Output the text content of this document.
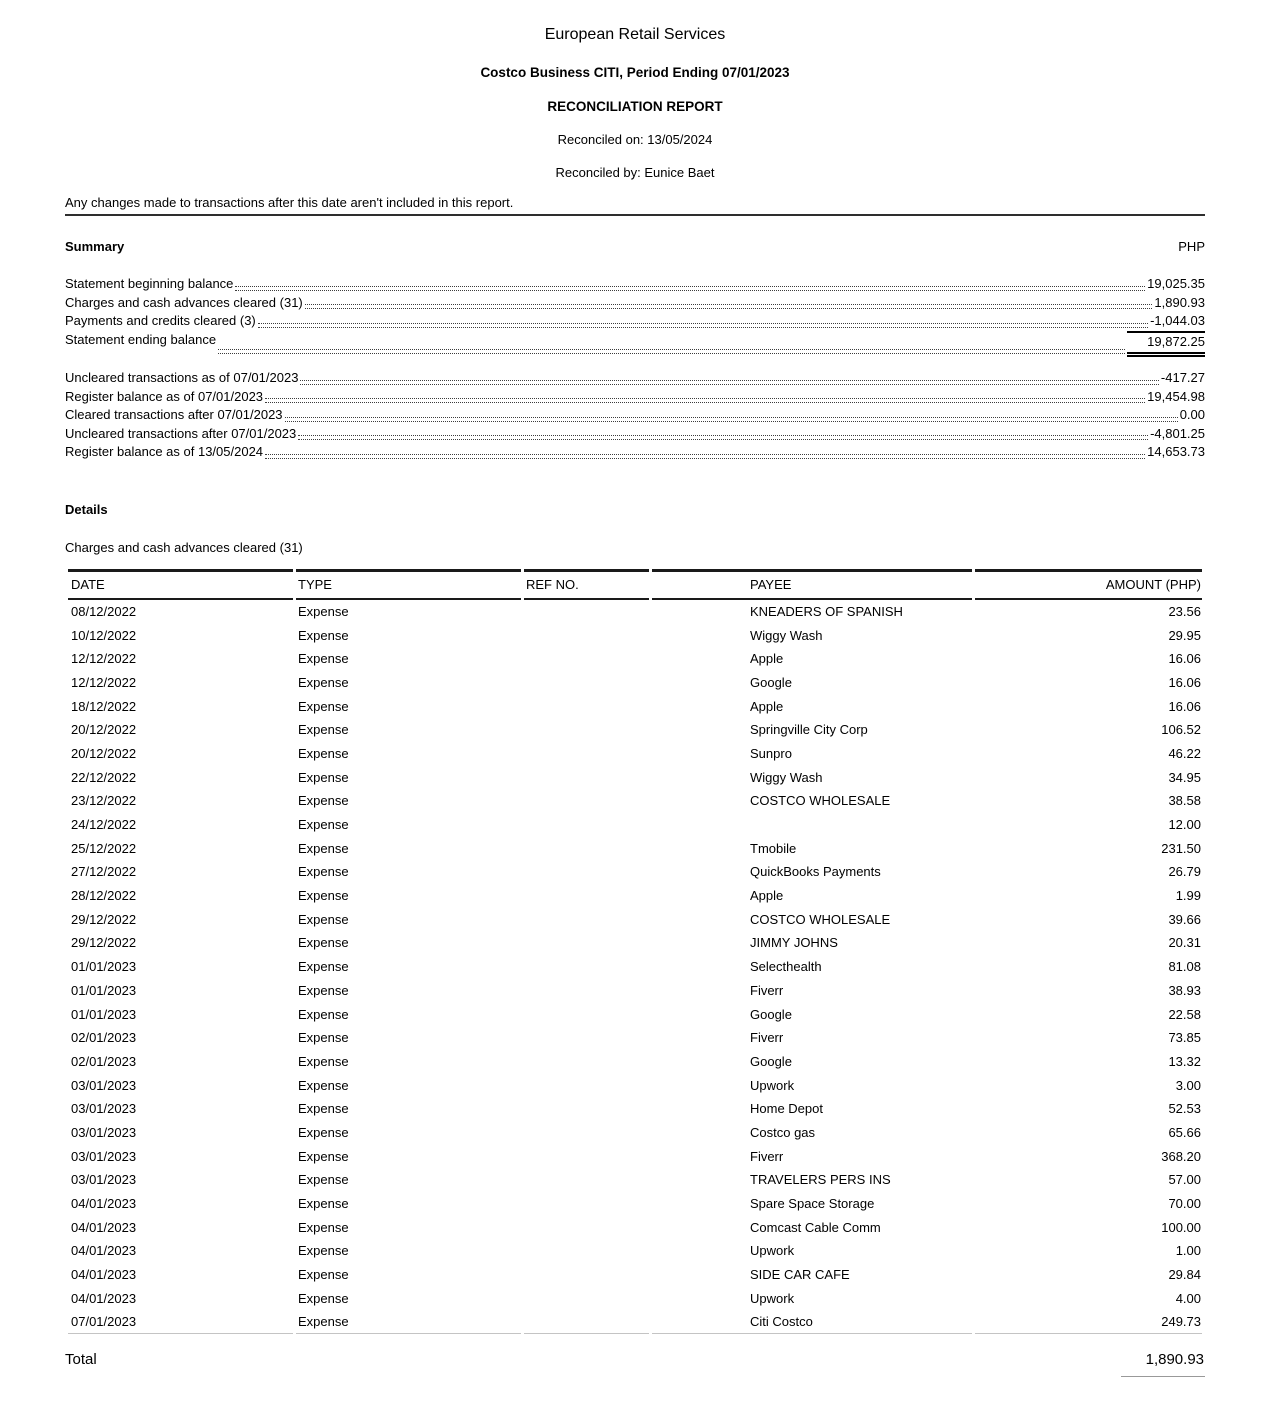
European Retail Services
Costco Business CITI, Period Ending 07/01/2023
RECONCILIATION REPORT
Reconciled on: 13/05/2024
Reconciled by: Eunice Baet
Any changes made to transactions after this date aren't included in this report.
Summary	PHP
Statement beginning balance	19,025.35
Charges and cash advances cleared (31)	1,890.93
Payments and credits cleared (3)	-1,044.03
Statement ending balance	19,872.25
Uncleared transactions as of 07/01/2023	-417.27
Register balance as of 07/01/2023	19,454.98
Cleared transactions after 07/01/2023	0.00
Uncleared transactions after 07/01/2023	-4,801.25
Register balance as of 13/05/2024	14,653.73
Details
Charges and cash advances cleared (31)
DATE	TYPE	REF NO.	PAYEE	AMOUNT (PHP)
08/12/2022	Expense		KNEADERS OF SPANISH	23.56
10/12/2022	Expense		Wiggy Wash	29.95
12/12/2022	Expense		Apple	16.06
12/12/2022	Expense		Google	16.06
18/12/2022	Expense		Apple	16.06
20/12/2022	Expense		Springville City Corp	106.52
20/12/2022	Expense		Sunpro	46.22
22/12/2022	Expense		Wiggy Wash	34.95
23/12/2022	Expense		COSTCO WHOLESALE	38.58
24/12/2022	Expense			12.00
25/12/2022	Expense		Tmobile	231.50
27/12/2022	Expense		QuickBooks Payments	26.79
28/12/2022	Expense		Apple	1.99
29/12/2022	Expense		COSTCO WHOLESALE	39.66
29/12/2022	Expense		JIMMY JOHNS	20.31
01/01/2023	Expense		Selecthealth	81.08
01/01/2023	Expense		Fiverr	38.93
01/01/2023	Expense		Google	22.58
02/01/2023	Expense		Fiverr	73.85
02/01/2023	Expense		Google	13.32
03/01/2023	Expense		Upwork	3.00
03/01/2023	Expense		Home Depot	52.53
03/01/2023	Expense		Costco gas	65.66
03/01/2023	Expense		Fiverr	368.20
03/01/2023	Expense		TRAVELERS PERS INS	57.00
04/01/2023	Expense		Spare Space Storage	70.00
04/01/2023	Expense		Comcast Cable Comm	100.00
04/01/2023	Expense		Upwork	1.00
04/01/2023	Expense		SIDE CAR CAFE	29.84
04/01/2023	Expense		Upwork	4.00
07/01/2023	Expense		Citi Costco	249.73
Total	1,890.93
